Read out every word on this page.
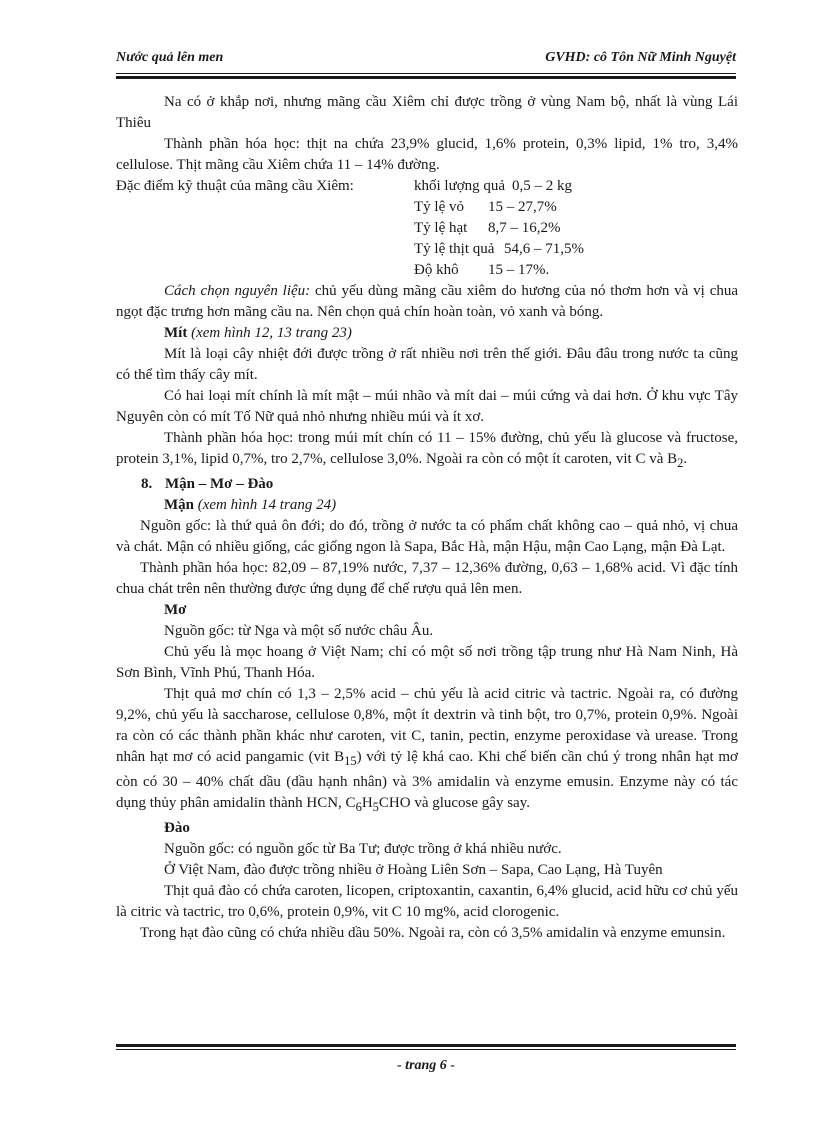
Nước quả lên men	GVHD: cô Tôn Nữ Minh Nguyệt

Na có ở khắp nơi, nhưng mãng cầu Xiêm chỉ được trồng ở vùng Nam bộ, nhất là vùng Lái Thiêu

Thành phần hóa học: thịt na chứa 23,9% glucid, 1,6% protein, 0,3% lipid, 1% tro, 3,4% cellulose. Thịt mãng cầu Xiêm chứa 11 – 14% đường.

Đặc điểm kỹ thuật của mãng cầu Xiêm:	khối lượng quả 0,5 – 2 kg
Tỷ lệ vỏ 15 – 27,7%
Tỷ lệ hạt 8,7 – 16,2%
Tỷ lệ thịt quả 54,6 – 71,5%
Độ khô 15 – 17%.

Cách chọn nguyên liệu: chủ yếu dùng mãng cầu xiêm do hương của nó thơm hơn và vị chua ngọt đặc trưng hơn mãng cầu na. Nên chọn quả chín hoàn toàn, vỏ xanh và bóng.

Mít (xem hình 12, 13 trang 23)

Mít là loại cây nhiệt đới được trồng ở rất nhiều nơi trên thế giới. Đâu đâu trong nước ta cũng có thể tìm thấy cây mít.

Có hai loại mít chính là mít mật – múi nhão và mít dai – múi cứng và dai hơn. Ở khu vực Tây Nguyên còn có mít Tố Nữ quả nhỏ nhưng nhiều múi và ít xơ.

Thành phần hóa học: trong múi mít chín có 11 – 15% đường, chủ yếu là glucose và fructose, protein 3,1%, lipid 0,7%, tro 2,7%, cellulose 3,0%. Ngoài ra còn có một ít caroten, vit C và $B_2$.

8. Mận – Mơ – Đào

Mận (xem hình 14 trang 24)

Nguồn gốc: là thứ quả ôn đới; do đó, trồng ở nước ta có phẩm chất không cao – quả nhỏ, vị chua và chát. Mận có nhiều giống, các giống ngon là Sapa, Bắc Hà, mận Hậu, mận Cao Lạng, mận Đà Lạt.

Thành phần hóa học: 82,09 – 87,19% nước, 7,37 – 12,36% đường, 0,63 – 1,68% acid. Vì đặc tính chua chát trên nên thường được ứng dụng để chế rượu quả lên men.

Mơ

Nguồn gốc: từ Nga và một số nước châu Âu.

Chủ yếu là mọc hoang ở Việt Nam; chỉ có một số nơi trồng tập trung như Hà Nam Ninh, Hà Sơn Bình, Vĩnh Phú, Thanh Hóa.

Thịt quả mơ chín có 1,3 – 2,5% acid – chủ yếu là acid citric và tactric. Ngoài ra, có đường 9,2%, chủ yếu là saccharose, cellulose 0,8%, một ít dextrin và tinh bột, tro 0,7%, protein 0,9%. Ngoài ra còn có các thành phần khác như caroten, vit C, tanin, pectin, enzyme peroxidase và urease. Trong nhân hạt mơ có acid pangamic (vit $B_{15}$) với tỷ lệ khá cao. Khi chế biến cần chú ý trong nhân hạt mơ còn có 30 – 40% chất dầu (dầu hạnh nhân) và 3% amidalin và enzyme emusin. Enzyme này có tác dụng thủy phân amidalin thành HCN, $C_6H_5CHO$ và glucose gây say.

Đào

Nguồn gốc: có nguồn gốc từ Ba Tư; được trồng ở khá nhiều nước.

Ở Việt Nam, đào được trồng nhiều ở Hoàng Liên Sơn – Sapa, Cao Lạng, Hà Tuyên

Thịt quả đào có chứa caroten, licopen, criptoxantin, caxantin, 6,4% glucid, acid hữu cơ chủ yếu là citric và tactric, tro 0,6%, protein 0,9%, vit C 10 mg%, acid clorogenic.

Trong hạt đào cũng có chứa nhiều dầu 50%. Ngoài ra, còn có 3,5% amidalin và enzyme emunsin.

- trang 6 -
